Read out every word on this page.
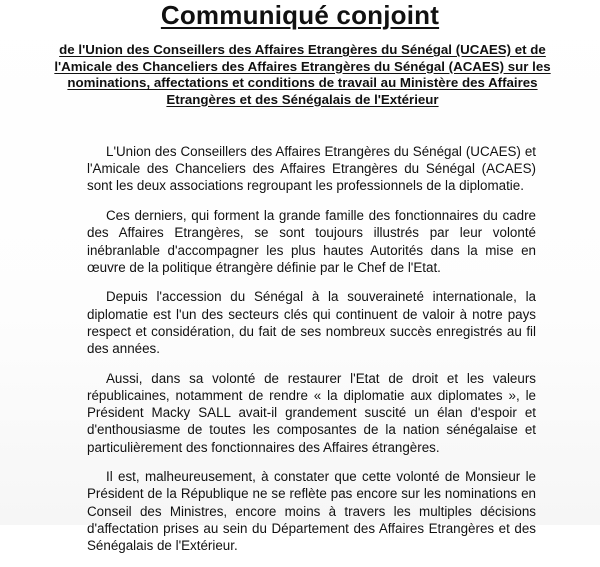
Communiqué conjoint
de l'Union des Conseillers des Affaires Etrangères du Sénégal (UCAES) et de l'Amicale des Chanceliers des Affaires Etrangères du Sénégal (ACAES) sur les nominations, affectations et conditions de travail au Ministère des Affaires Etrangères et des Sénégalais de l'Extérieur

L'Union des Conseillers des Affaires Etrangères du Sénégal (UCAES) et l'Amicale des Chanceliers des Affaires Etrangères du Sénégal (ACAES) sont les deux associations regroupant les professionnels de la diplomatie.

Ces derniers, qui forment la grande famille des fonctionnaires du cadre des Affaires Etrangères, se sont toujours illustrés par leur volonté inébranlable d'accompagner les plus hautes Autorités dans la mise en œuvre de la politique étrangère définie par le Chef de l'Etat.

Depuis l'accession du Sénégal à la souveraineté internationale, la diplomatie est l'un des secteurs clés qui continuent de valoir à notre pays respect et considération, du fait de ses nombreux succès enregistrés au fil des années.

Aussi, dans sa volonté de restaurer l'Etat de droit et les valeurs républicaines, notamment de rendre « la diplomatie aux diplomates », le Président Macky SALL avait-il grandement suscité un élan d'espoir et d'enthousiasme de toutes les composantes de la nation sénégalaise et particulièrement des fonctionnaires des Affaires étrangères.

Il est, malheureusement, à constater que cette volonté de Monsieur le Président de la République ne se reflète pas encore sur les nominations en Conseil des Ministres, encore moins à travers les multiples décisions d'affectation prises au sein du Département des Affaires Etrangères et des Sénégalais de l'Extérieur.
